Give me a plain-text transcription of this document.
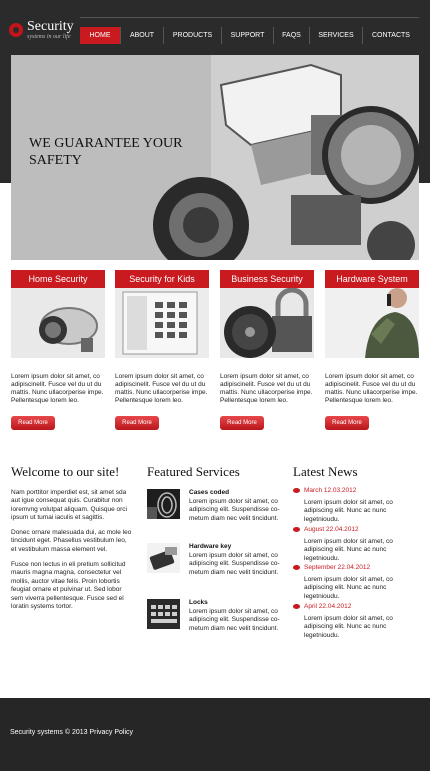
Security
systems in our life	HOME	ABOUT	PRODUCTS	SUPPORT	FAQS	SERVICES	CONTACTS
WE GUARANTEE YOUR SAFETY
Home Security
Lorem ipsum dolor sit amet, co adipiscinelit. Fusce vel du ut du mattis. Nunc ullacorperise impe. Pellentesque lorem leo.
Read More
Security for Kids
Lorem ipsum dolor sit amet, co adipiscinelit. Fusce vel du ut du mattis. Nunc ullacorperise impe. Pellentesque lorem leo.
Read More
Business Security
Lorem ipsum dolor sit amet, co adipiscinelit. Fusce vel du ut du mattis. Nunc ullacorperise impe. Pellentesque lorem leo.
Read More
Hardware System
Lorem ipsum dolor sit amet, co adipiscinelit. Fusce vel du ut du mattis. Nunc ullacorperise impe. Pellentesque lorem leo.
Read More
Welcome to our site!
Nam porttitor imperdiet est, sit amet sda aut igue consequat quis. Curabitur non loremvng volutpat aliquam. Quisque orci ipsum ut tumai iaculis et sagittis.
Donec ornare malesuada dui, ac mole leo tincidunt eget. Phasellus vestibulum leo, et vestibulum massa element vel.
Fusce non lectus in eli pretium sollicitud mauris magna magna, consectetur vel mollis, auctor vitae felis. Proin lobortis feugiat ornare et pulvinar ut. Sed lobor sem viverra pellentesque. Fusce sed el loratin systems tortor.
Featured Services
Cases coded
Lorem ipsum dolor sit amet, co adipiscing elit. Suspendisse co- metum diam nec velit tincidunt.
Hardware key
Lorem ipsum dolor sit amet, co adipiscing elit. Suspendisse co- metum diam nec velit tincidunt.
Locks
Lorem ipsum dolor sit amet, co adipiscing elit. Suspendisse co- metum diam nec velit tincidunt.
Latest News
March 12.03.2012
Lorem ipsum dolor sit amet, co adipiscing elit. Nunc ac nunc legetnioudu.
August 22.04.2012
Lorem ipsum dolor sit amet, co adipiscing elit. Nunc ac nunc legetnioudu.
September 22.04.2012
Lorem ipsum dolor sit amet, co adipiscing elit. Nunc ac nunc legetnioudu.
April 22.04.2012
Lorem ipsum dolor sit amet, co adipiscing elit. Nunc ac nunc legetnioudu.
Security systems © 2013 Privacy Policy
